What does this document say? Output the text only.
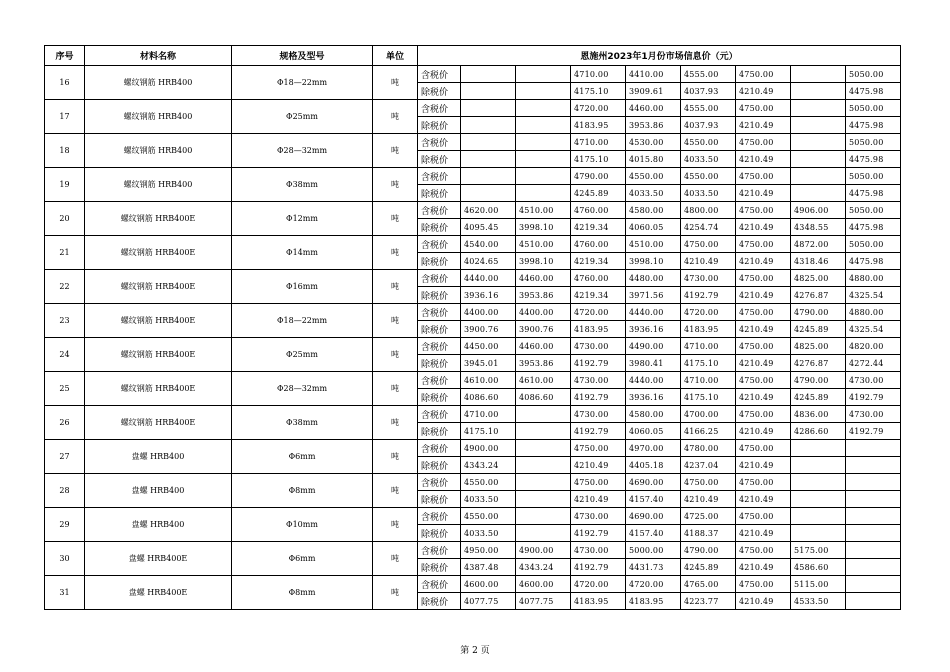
序号	材料名称	规格及型号	单位	恩施州2023年1月份市场信息价（元）								
16	螺纹钢筋 HRB400	Φ18—22mm	吨	含税价			4710.00	4410.00	4555.00	4750.00		5050.00
				除税价			4175.10	3909.61	4037.93	4210.49		4475.98
17	螺纹钢筋 HRB400	Φ25mm	吨	含税价			4720.00	4460.00	4555.00	4750.00		5050.00
				除税价			4183.95	3953.86	4037.93	4210.49		4475.98
18	螺纹钢筋 HRB400	Φ28—32mm	吨	含税价			4710.00	4530.00	4550.00	4750.00		5050.00
				除税价			4175.10	4015.80	4033.50	4210.49		4475.98
19	螺纹钢筋 HRB400	Φ38mm	吨	含税价			4790.00	4550.00	4550.00	4750.00		5050.00
				除税价			4245.89	4033.50	4033.50	4210.49		4475.98
20	螺纹钢筋 HRB400E	Φ12mm	吨	含税价	4620.00	4510.00	4760.00	4580.00	4800.00	4750.00	4906.00	5050.00
				除税价	4095.45	3998.10	4219.34	4060.05	4254.74	4210.49	4348.55	4475.98
21	螺纹钢筋 HRB400E	Φ14mm	吨	含税价	4540.00	4510.00	4760.00	4510.00	4750.00	4750.00	4872.00	5050.00
				除税价	4024.65	3998.10	4219.34	3998.10	4210.49	4210.49	4318.46	4475.98
22	螺纹钢筋 HRB400E	Φ16mm	吨	含税价	4440.00	4460.00	4760.00	4480.00	4730.00	4750.00	4825.00	4880.00
				除税价	3936.16	3953.86	4219.34	3971.56	4192.79	4210.49	4276.87	4325.54
23	螺纹钢筋 HRB400E	Φ18—22mm	吨	含税价	4400.00	4400.00	4720.00	4440.00	4720.00	4750.00	4790.00	4880.00
				除税价	3900.76	3900.76	4183.95	3936.16	4183.95	4210.49	4245.89	4325.54
24	螺纹钢筋 HRB400E	Φ25mm	吨	含税价	4450.00	4460.00	4730.00	4490.00	4710.00	4750.00	4825.00	4820.00
				除税价	3945.01	3953.86	4192.79	3980.41	4175.10	4210.49	4276.87	4272.44
25	螺纹钢筋 HRB400E	Φ28—32mm	吨	含税价	4610.00	4610.00	4730.00	4440.00	4710.00	4750.00	4790.00	4730.00
				除税价	4086.60	4086.60	4192.79	3936.16	4175.10	4210.49	4245.89	4192.79
26	螺纹钢筋 HRB400E	Φ38mm	吨	含税价	4710.00		4730.00	4580.00	4700.00	4750.00	4836.00	4730.00
				除税价	4175.10		4192.79	4060.05	4166.25	4210.49	4286.60	4192.79
27	盘螺 HRB400	Φ6mm	吨	含税价	4900.00		4750.00	4970.00	4780.00	4750.00		
				除税价	4343.24		4210.49	4405.18	4237.04	4210.49		
28	盘螺 HRB400	Φ8mm	吨	含税价	4550.00		4750.00	4690.00	4750.00	4750.00		
				除税价	4033.50		4210.49	4157.40	4210.49	4210.49		
29	盘螺 HRB400	Φ10mm	吨	含税价	4550.00		4730.00	4690.00	4725.00	4750.00		
				除税价	4033.50		4192.79	4157.40	4188.37	4210.49		
30	盘螺 HRB400E	Φ6mm	吨	含税价	4950.00	4900.00	4730.00	5000.00	4790.00	4750.00	5175.00	
				除税价	4387.48	4343.24	4192.79	4431.73	4245.89	4210.49	4586.60	
31	盘螺 HRB400E	Φ8mm	吨	含税价	4600.00	4600.00	4720.00	4720.00	4765.00	4750.00	5115.00	
				除税价	4077.75	4077.75	4183.95	4183.95	4223.77	4210.49	4533.50	
第 2 页
